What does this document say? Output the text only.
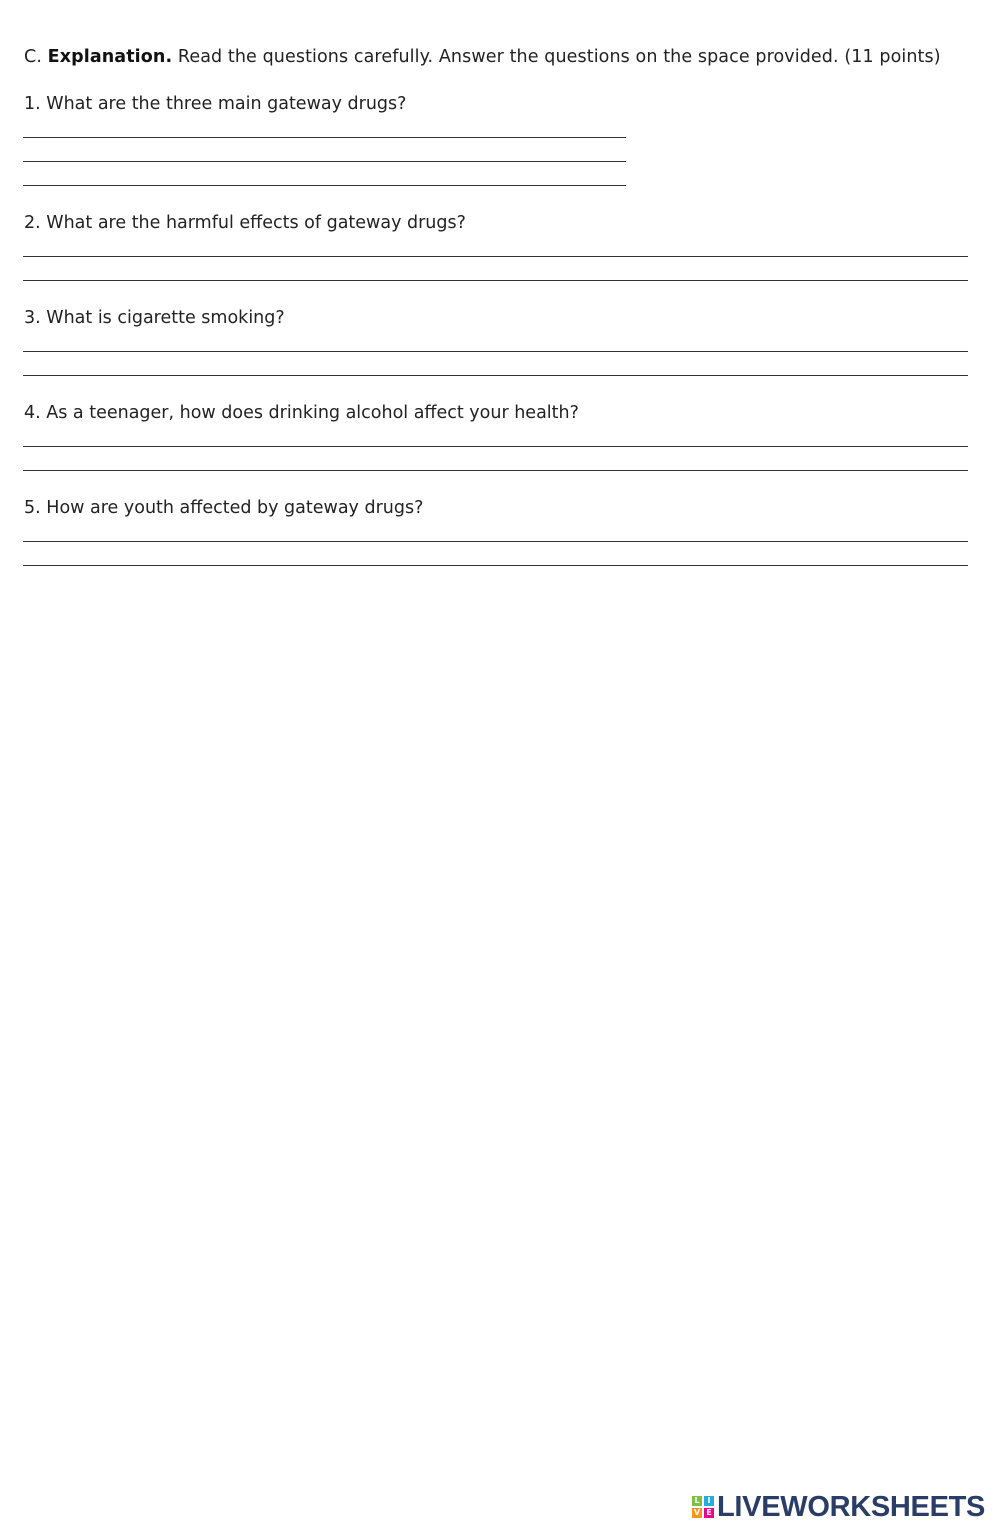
C. Explanation. Read the questions carefully. Answer the questions on the space provided. (11 points)
1. What are the three main gateway drugs?
2. What are the harmful effects of gateway drugs?
3. What is cigarette smoking?
4. As a teenager, how does drinking alcohol affect your health?
5. How are youth affected by gateway drugs?
L I
V E LIVEWORKSHEETS
